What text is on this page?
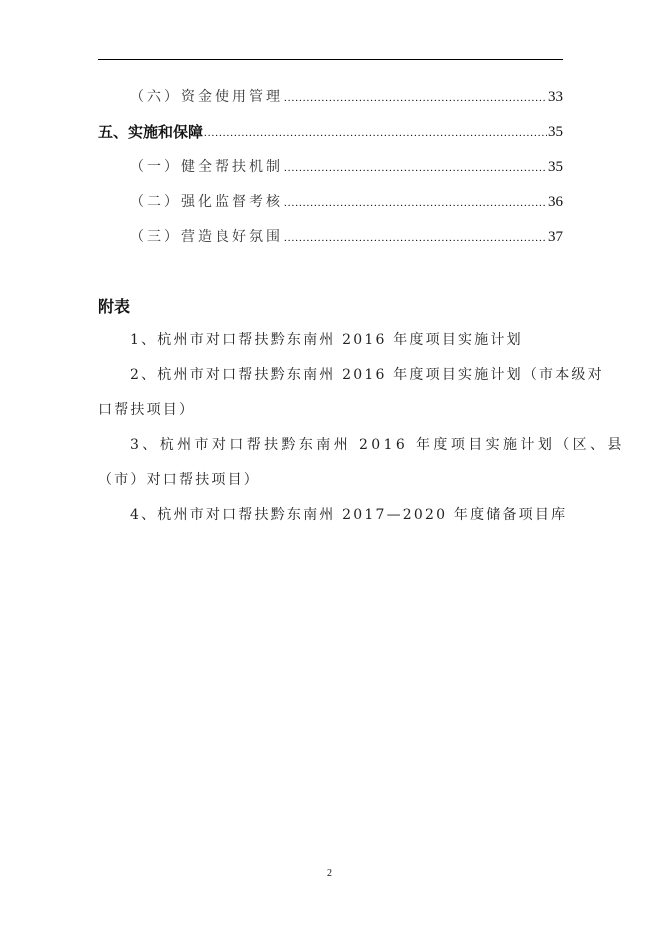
（六）资金使用管理 .....	33
五、实施和保障 .....	35
（一）健全帮扶机制 .....	35
（二）强化监督考核 .....	36
（三）营造良好氛围 .....	37
附表
1、杭州市对口帮扶黔东南州 2016 年度项目实施计划
2、杭州市对口帮扶黔东南州 2016 年度项目实施计划（市本级对
口帮扶项目）
3、杭州市对口帮扶黔东南州 2016 年度项目实施计划（区、县
（市）对口帮扶项目）
4、杭州市对口帮扶黔东南州 2017—2020 年度储备项目库
2
